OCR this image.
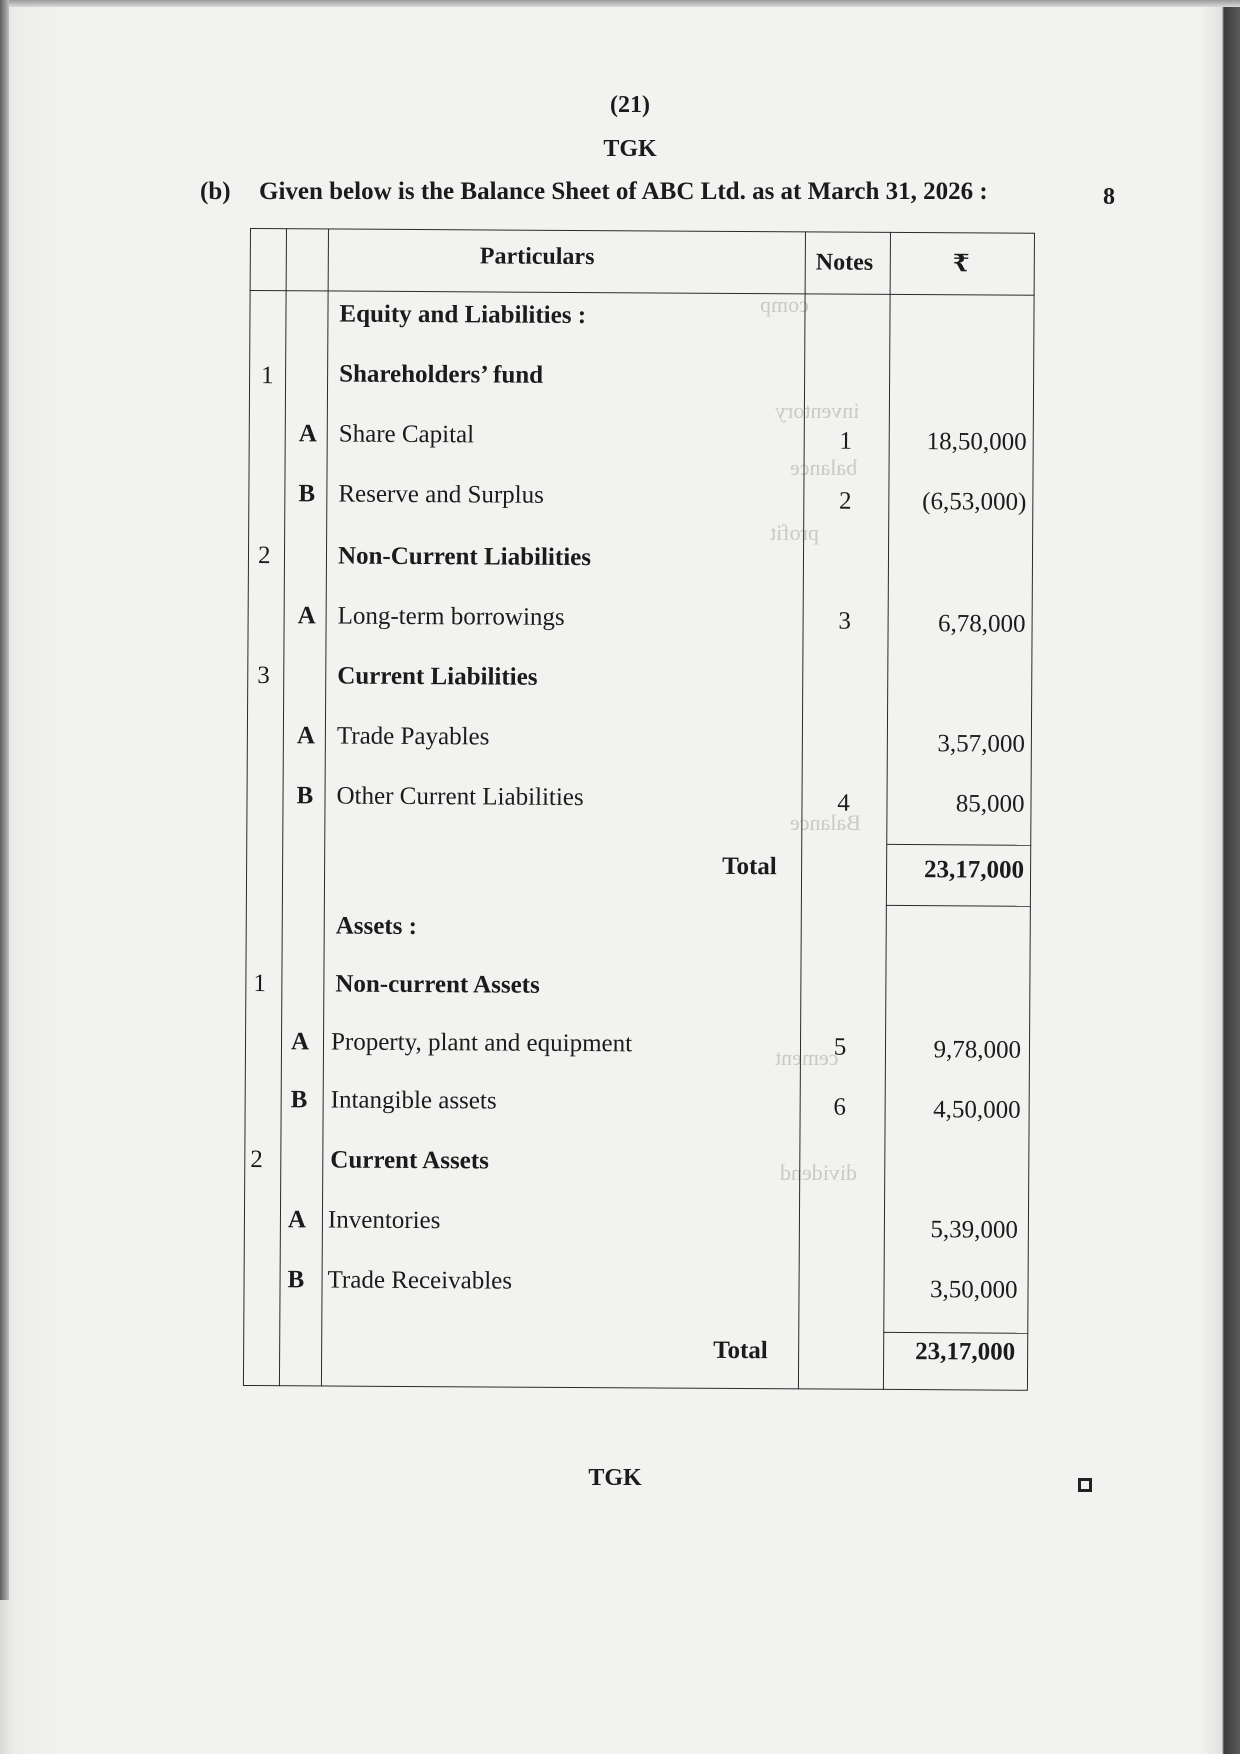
comp
inventory
balance
profit
Balance
cement
dividend
(21)
TGK
(b) Given below is the Balance Sheet of ABC Ltd. as at March 31, 2026 :	8
Particulars	Notes	₹
Equity and Liabilities :
1	Shareholders’ fund
A Share Capital	1	18,50,000
B Reserve and Surplus	2	(6,53,000)
2	Non-Current Liabilities
A Long-term borrowings	3	6,78,000
3	Current Liabilities
A Trade Payables	3,57,000
B Other Current Liabilities	4	85,000
Total	23,17,000
Assets :
1	Non-current Assets
A Property, plant and equipment	5	9,78,000
B Intangible assets	6	4,50,000
2	Current Assets
A Inventories	5,39,000
B Trade Receivables	3,50,000
Total	23,17,000
TGK
